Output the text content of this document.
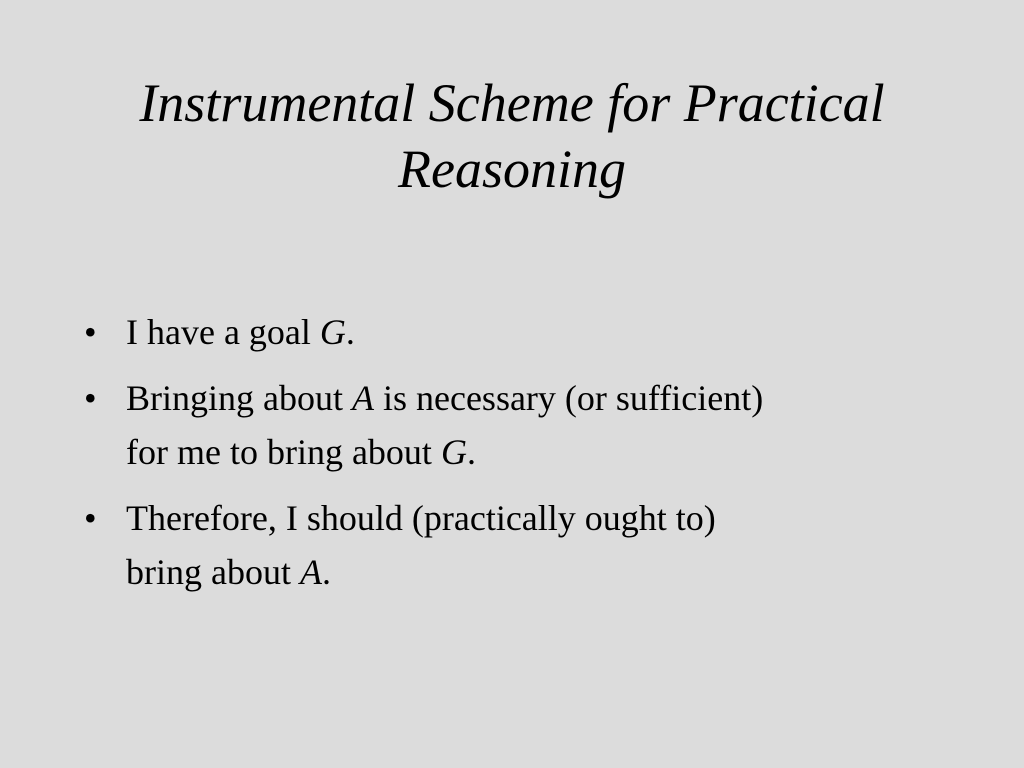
Instrumental Scheme for Practical
Reasoning
• I have a goal G.
• Bringing about A is necessary (or sufficient)
for me to bring about G.
• Therefore, I should (practically ought to)
bring about A.
